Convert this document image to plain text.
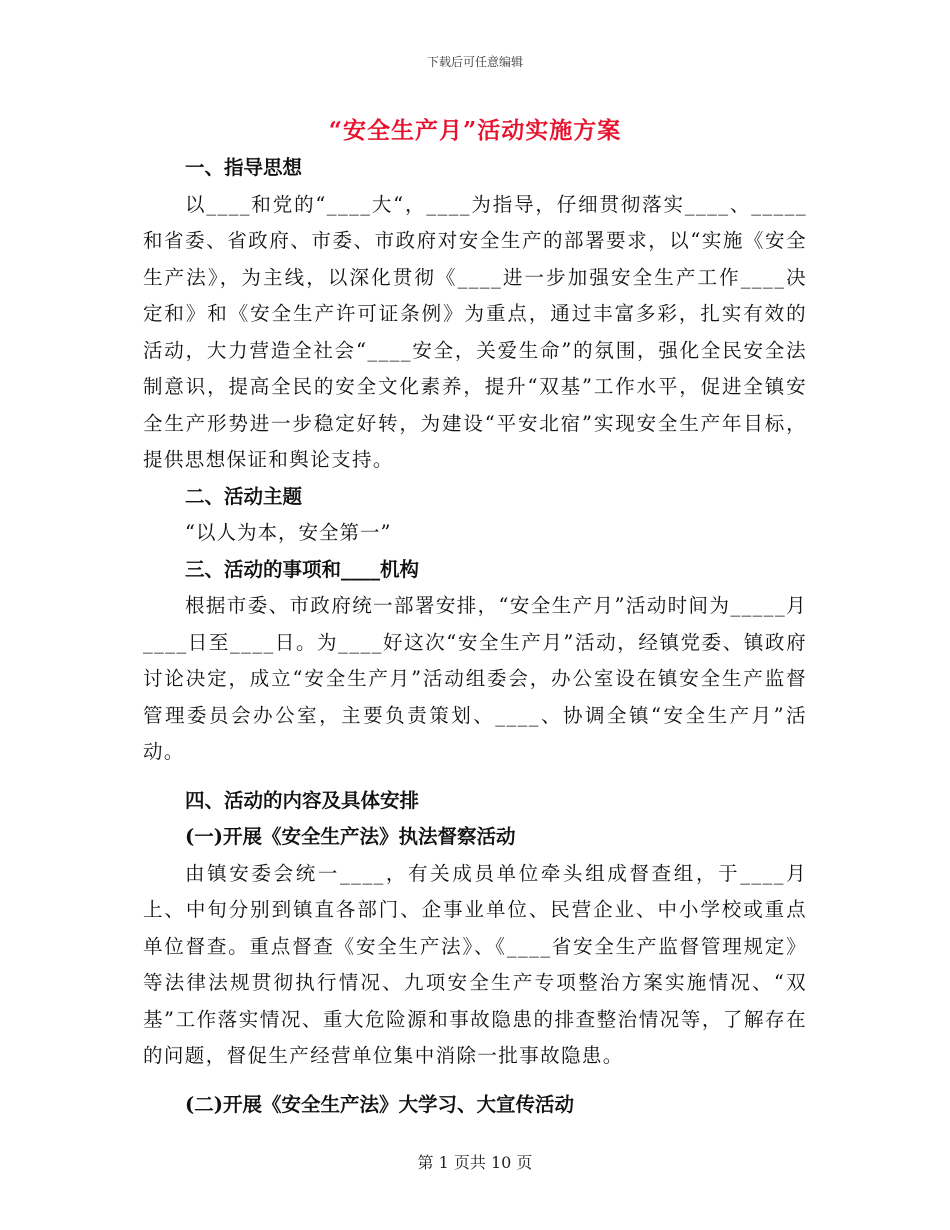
下载后可任意编辑
“安全生产月”活动实施方案

一、指导思想

以____和党的“____大“，____为指导，仔细贯彻落实____、_____和省委、省政府、市委、市政府对安全生产的部署要求，以“实施《安全生产法》，为主线，以深化贯彻《____进一步加强安全生产工作____决定和》和《安全生产许可证条例》为重点，通过丰富多彩，扎实有效的活动，大力营造全社会“____安全，关爱生命”的氛围，强化全民安全法制意识，提高全民的安全文化素养，提升“双基”工作水平，促进全镇安全生产形势进一步稳定好转，为建设“平安北宿”实现安全生产年目标，提供思想保证和舆论支持。

二、活动主题

“以人为本，安全第一”

三、活动的事项和____机构

根据市委、市政府统一部署安排，“安全生产月”活动时间为_____月____日至____日。为____好这次“安全生产月”活动，经镇党委、镇政府讨论决定，成立“安全生产月”活动组委会，办公室设在镇安全生产监督管理委员会办公室，主要负责策划、____、协调全镇“安全生产月”活动。

四、活动的内容及具体安排

(一)开展《安全生产法》执法督察活动

由镇安委会统一____，有关成员单位牵头组成督查组，于____月上、中旬分别到镇直各部门、企事业单位、民营企业、中小学校或重点单位督查。重点督查《安全生产法》、《____省安全生产监督管理规定》等法律法规贯彻执行情况、九项安全生产专项整治方案实施情况、“双基”工作落实情况、重大危险源和事故隐患的排查整治情况等，了解存在的问题，督促生产经营单位集中消除一批事故隐患。

(二)开展《安全生产法》大学习、大宣传活动

第 1 页共 10 页
